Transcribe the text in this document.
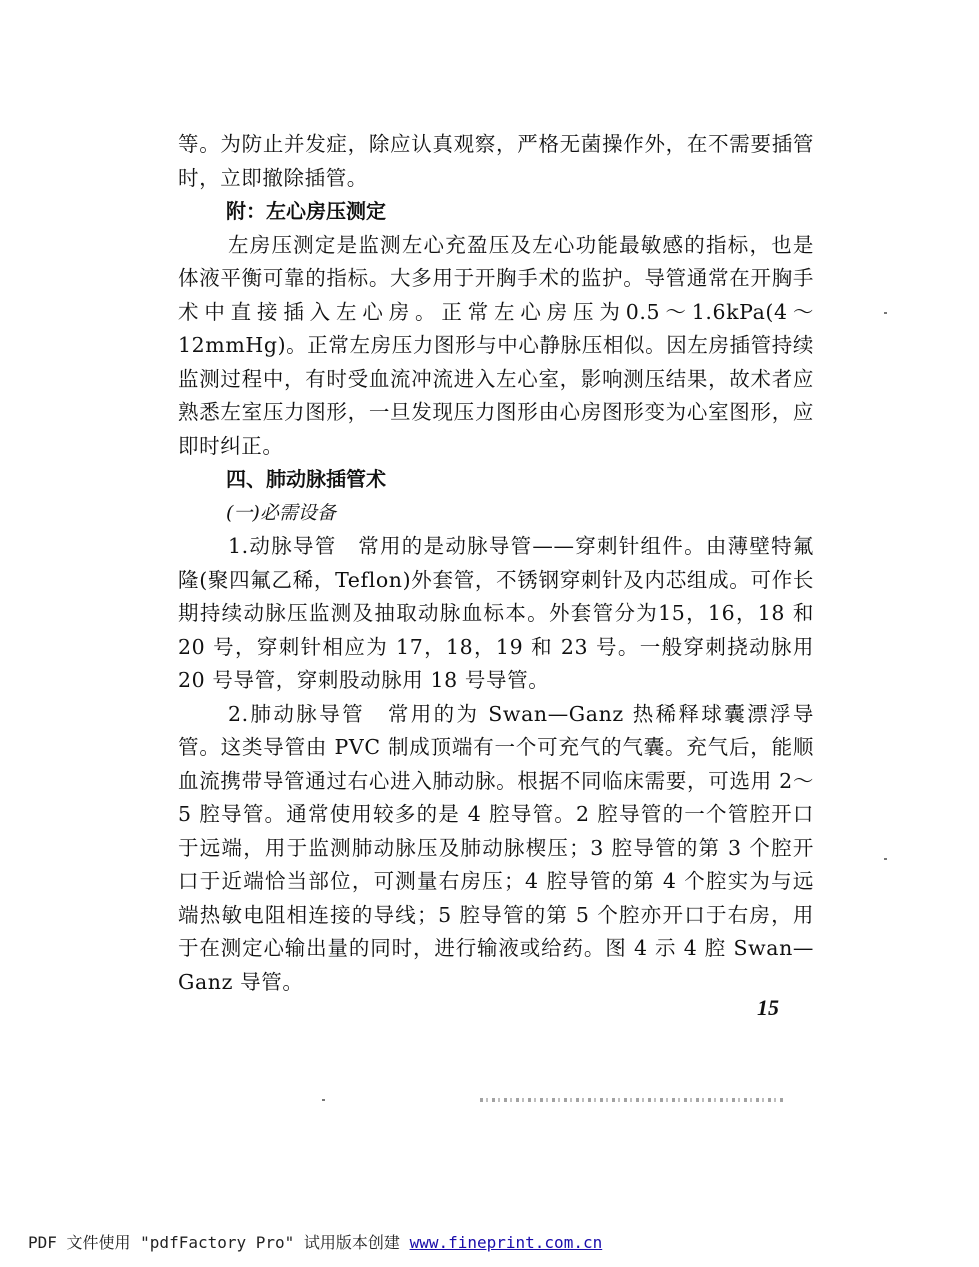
等。为防止并发症，除应认真观察，严格无菌操作外，在不需要插管时，立即撤除插管。

附：左心房压测定

左房压测定是监测左心充盈压及左心功能最敏感的指标，也是体液平衡可靠的指标。大多用于开胸手术的监护。导管通常在开胸手术中直接插入左心房。正常左心房压为0.5～1.6kPa(4～12mmHg)。正常左房压力图形与中心静脉压相似。因左房插管持续监测过程中，有时受血流冲流进入左心室，影响测压结果，故术者应熟悉左室压力图形，一旦发现压力图形由心房图形变为心室图形，应即时纠正。

四、肺动脉插管术

(一)必需设备

1.动脉导管　常用的是动脉导管——穿刺针组件。由薄壁特氟隆(聚四氟乙稀，Teflon)外套管，不锈钢穿刺针及内芯组成。可作长期持续动脉压监测及抽取动脉血标本。外套管分为15，16，18 和 20 号，穿刺针相应为 17，18，19 和 23 号。一般穿刺挠动脉用 20 号导管，穿刺股动脉用 18 号导管。

2.肺动脉导管　常用的为 Swan—Ganz 热稀释球囊漂浮导管。这类导管由 PVC 制成顶端有一个可充气的气囊。充气后，能顺血流携带导管通过右心进入肺动脉。根据不同临床需要，可选用 2～5 腔导管。通常使用较多的是 4 腔导管。2 腔导管的一个管腔开口于远端，用于监测肺动脉压及肺动脉楔压；3 腔导管的第 3 个腔开口于近端恰当部位，可测量右房压；4 腔导管的第 4 个腔实为与远端热敏电阻相连接的导线；5 腔导管的第 5 个腔亦开口于右房，用于在测定心输出量的同时，进行输液或给药。图 4 示 4 腔 Swan—Ganz 导管。

15
PDF 文件使用 "pdfFactory Pro" 试用版本创建 www.fineprint.com.cn
